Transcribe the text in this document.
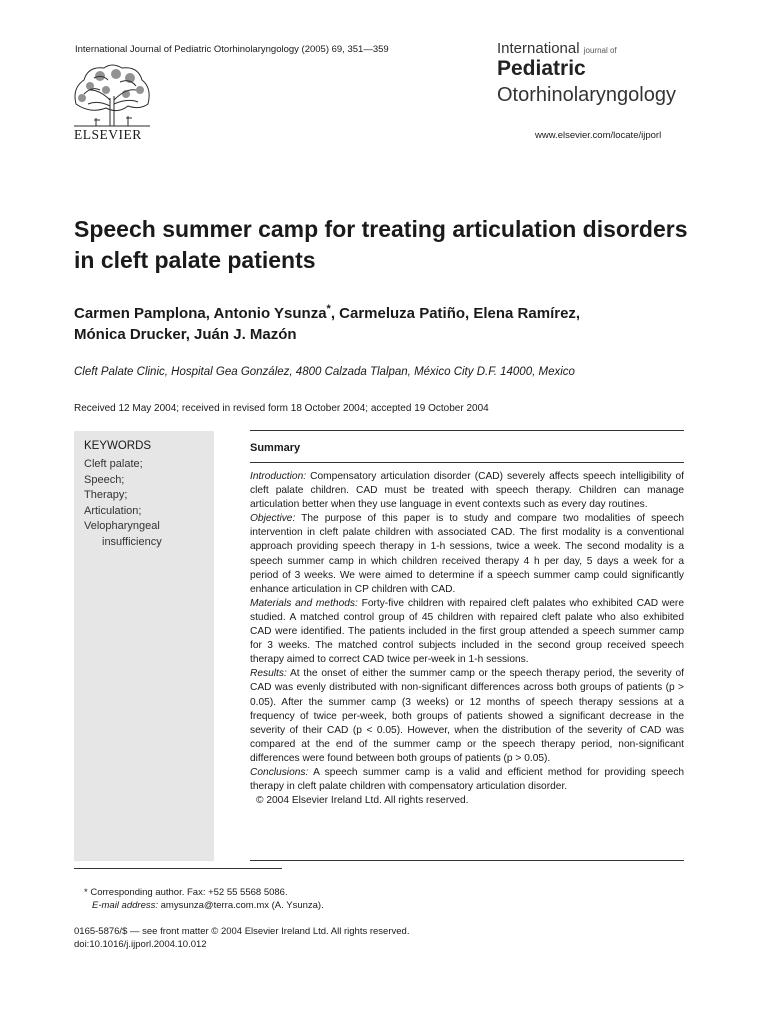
International Journal of Pediatric Otorhinolaryngology (2005) 69, 351—359
ELSEVIER
International journal of
Pediatric
Otorhinolaryngology
www.elsevier.com/locate/ijporl
Speech summer camp for treating articulation disorders in cleft palate patients
Carmen Pamplona, Antonio Ysunza*, Carmeluza Patiño, Elena Ramírez,
Mónica Drucker, Juán J. Mazón
Cleft Palate Clinic, Hospital Gea González, 4800 Calzada Tlalpan, México City D.F. 14000, Mexico
Received 12 May 2004; received in revised form 18 October 2004; accepted 19 October 2004
KEYWORDS
Cleft palate;
Speech;
Therapy;
Articulation;
Velopharyngeal
insufficiency
Summary

Introduction: Compensatory articulation disorder (CAD) severely affects speech intelligibility of cleft palate children. CAD must be treated with speech therapy. Children can manage articulation better when they use language in event contexts such as every day routines.

Objective: The purpose of this paper is to study and compare two modalities of speech intervention in cleft palate children with associated CAD. The first modality is a conventional approach providing speech therapy in 1-h sessions, twice a week. The second modality is a speech summer camp in which children received therapy 4 h per day, 5 days a week for a period of 3 weeks. We were aimed to determine if a speech summer camp could significantly enhance articulation in CP children with CAD.

Materials and methods: Forty-five children with repaired cleft palates who exhibited CAD were studied. A matched control group of 45 children with repaired cleft palate who also exhibited CAD were identified. The patients included in the first group attended a speech summer camp for 3 weeks. The matched control subjects included in the second group received speech therapy aimed to correct CAD twice per-week in 1-h sessions.

Results: At the onset of either the summer camp or the speech therapy period, the severity of CAD was evenly distributed with non-significant differences across both groups of patients (p > 0.05). After the summer camp (3 weeks) or 12 months of speech therapy sessions at a frequency of twice per-week, both groups of patients showed a significant decrease in the severity of their CAD (p < 0.05). However, when the distribution of the severity of CAD was compared at the end of the summer camp or the speech therapy period, non-significant differences were found between both groups of patients (p > 0.05).

Conclusions: A speech summer camp is a valid and efficient method for providing speech therapy in cleft palate children with compensatory articulation disorder.

© 2004 Elsevier Ireland Ltd. All rights reserved.

* Corresponding author. Fax: +52 55 5568 5086.
E-mail address: amysunza@terra.com.mx (A. Ysunza).
0165-5876/$ — see front matter © 2004 Elsevier Ireland Ltd. All rights reserved.
doi:10.1016/j.ijporl.2004.10.012
